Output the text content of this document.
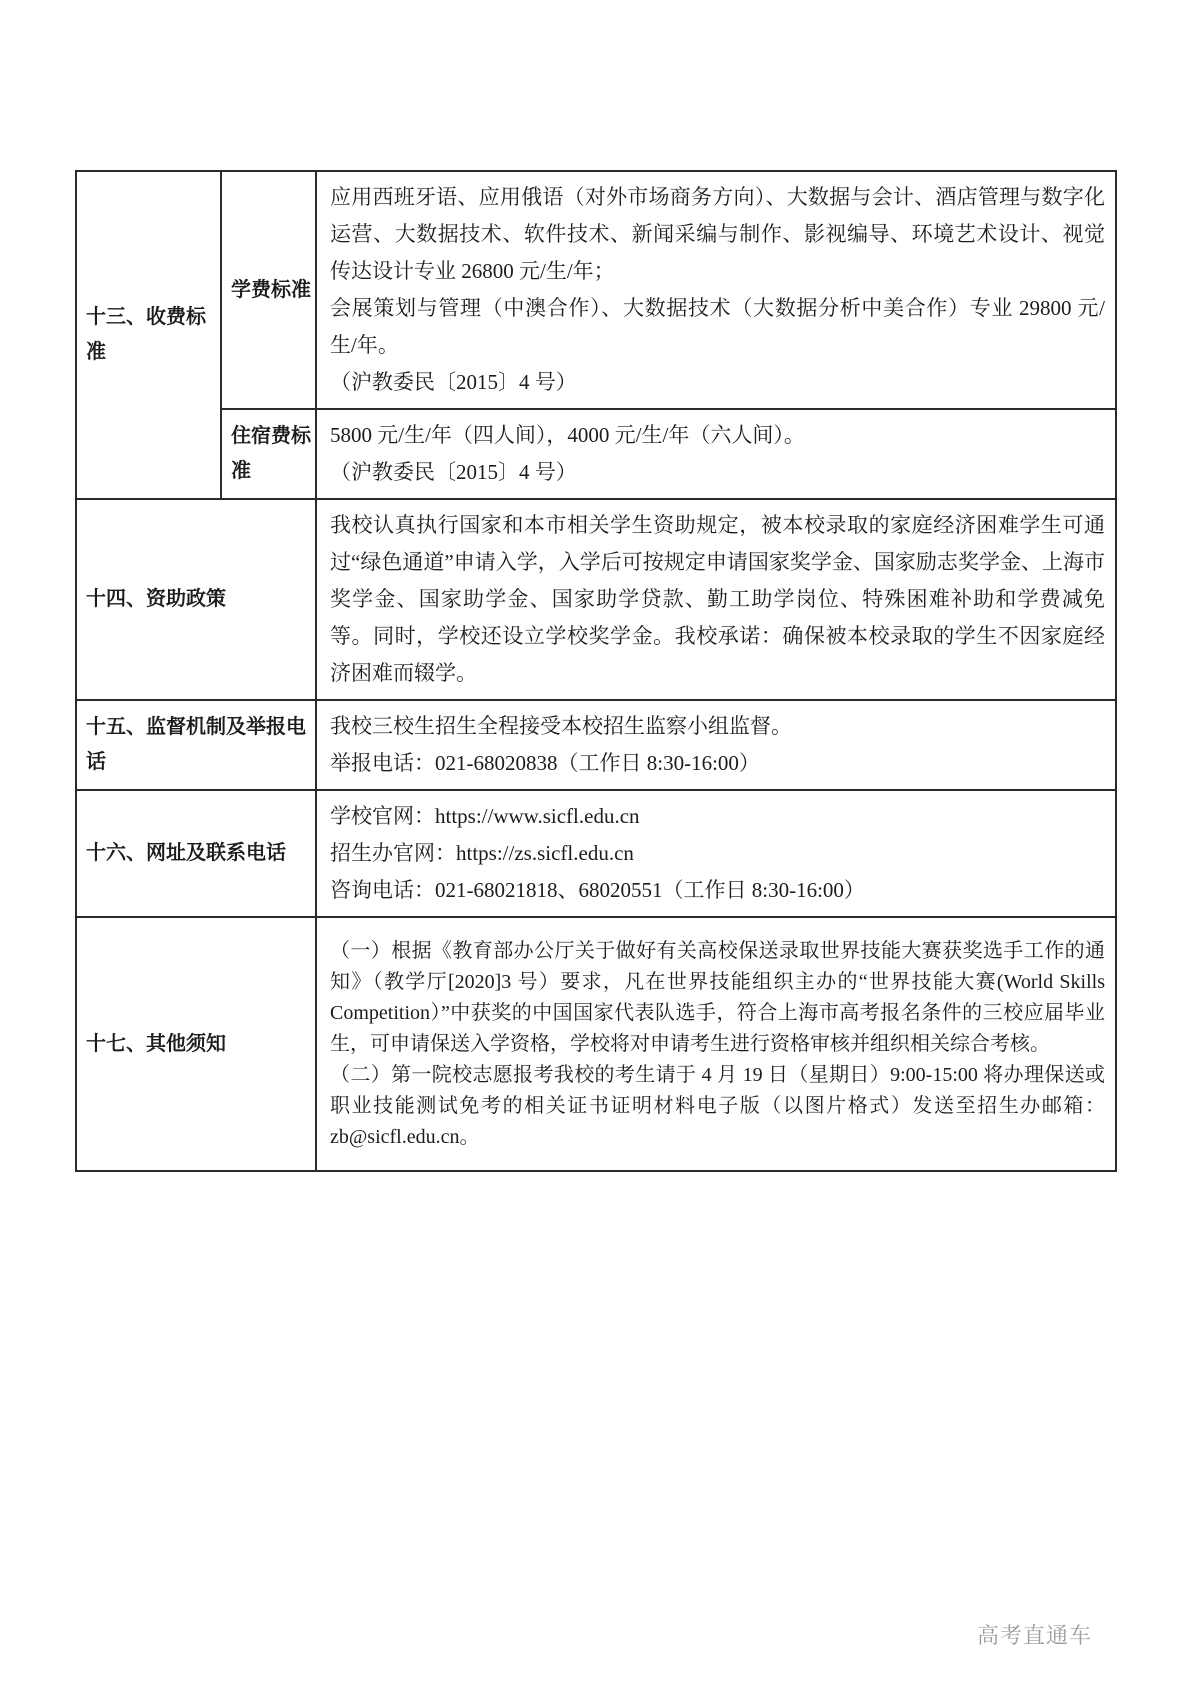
十三、收费标准	学费标准	应用西班牙语、应用俄语（对外市场商务方向）、大数据与会计、酒店管理与数字化运营、大数据技术、软件技术、新闻采编与制作、影视编导、环境艺术设计、视觉传达设计专业 26800 元/生/年；

会展策划与管理（中澳合作）、大数据技术（大数据分析中美合作）专业 29800 元/生/年。

（沪教委民〔2015〕4 号）

	住宿费标准	5800 元/生/年（四人间），4000 元/生/年（六人间）。

（沪教委民〔2015〕4 号）

十四、资助政策		我校认真执行国家和本市相关学生资助规定，被本校录取的家庭经济困难学生可通过“绿色通道”申请入学，入学后可按规定申请国家奖学金、国家励志奖学金、上海市奖学金、国家助学金、国家助学贷款、勤工助学岗位、特殊困难补助和学费减免等。同时，学校还设立学校奖学金。我校承诺：确保被本校录取的学生不因家庭经济困难而辍学。

十五、监督机制及举报电话		我校三校生招生全程接受本校招生监察小组监督。

举报电话：021-68020838（工作日 8:30-16:00）

十六、网址及联系电话		学校官网：https://www.sicfl.edu.cn

招生办官网：https://zs.sicfl.edu.cn

咨询电话：021-68021818、68020551（工作日 8:30-16:00）

十七、其他须知		（一）根据《教育部办公厅关于做好有关高校保送录取世界技能大赛获奖选手工作的通知》（教学厅[2020]3 号）要求，凡在世界技能组织主办的“世界技能大赛(World Skills Competition）”中获奖的中国国家代表队选手，符合上海市高考报名条件的三校应届毕业生，可申请保送入学资格，学校将对申请考生进行资格审核并组织相关综合考核。

（二）第一院校志愿报考我校的考生请于 4 月 19 日（星期日）9:00-15:00 将办理保送或职业技能测试免考的相关证书证明材料电子版（以图片格式）发送至招生办邮箱：zb@sicfl.edu.cn。

高考直通车
